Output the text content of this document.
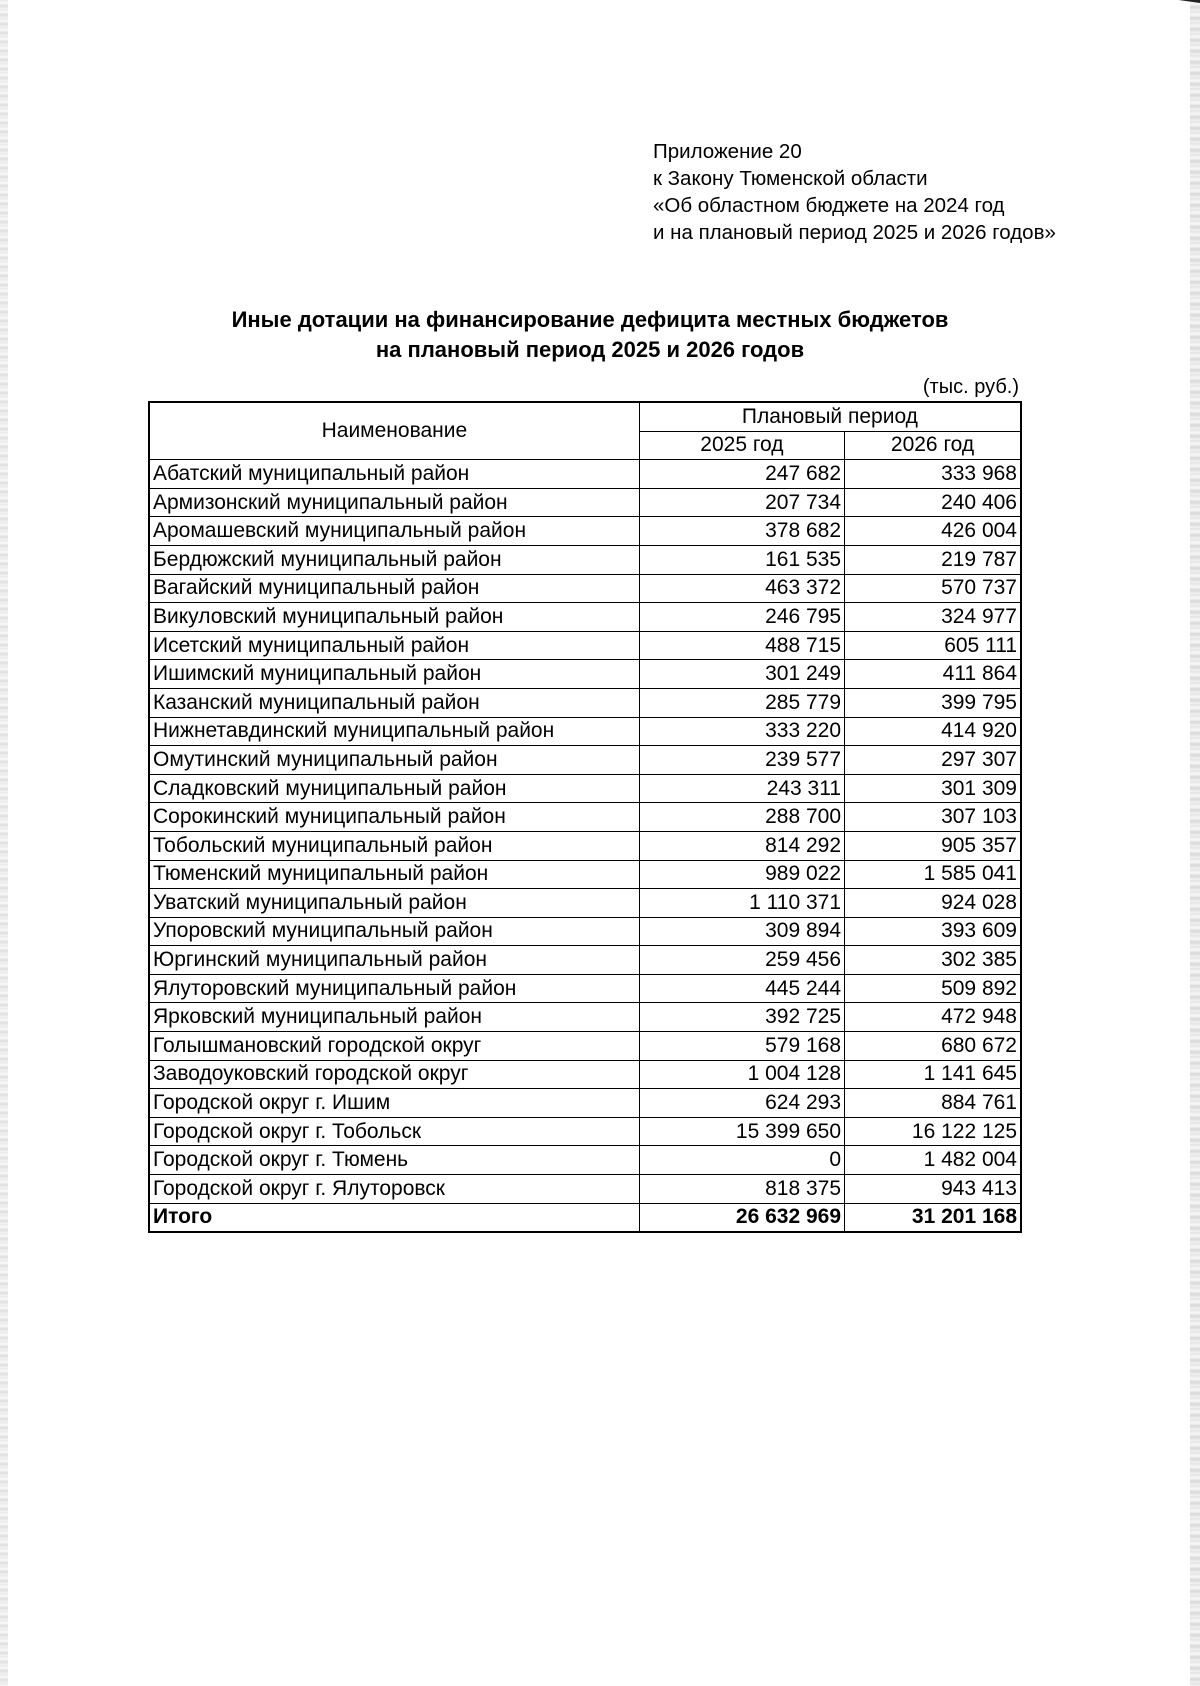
Приложение 20
к Закону Тюменской области
«Об областном бюджете на 2024 год
и на плановый период 2025 и 2026 годов»
Иные дотации на финансирование дефицита местных бюджетов
на плановый период 2025 и 2026 годов
(тыс. руб.)
Наименование	Плановый период	
	2025 год	2026 год
Абатский муниципальный район	247 682	333 968
Армизонский муниципальный район	207 734	240 406
Аромашевский муниципальный район	378 682	426 004
Бердюжский муниципальный район	161 535	219 787
Вагайский муниципальный район	463 372	570 737
Викуловский муниципальный район	246 795	324 977
Исетский муниципальный район	488 715	605 111
Ишимский муниципальный район	301 249	411 864
Казанский муниципальный район	285 779	399 795
Нижнетавдинский муниципальный район	333 220	414 920
Омутинский муниципальный район	239 577	297 307
Сладковский муниципальный район	243 311	301 309
Сорокинский муниципальный район	288 700	307 103
Тобольский муниципальный район	814 292	905 357
Тюменский муниципальный район	989 022	1 585 041
Уватский муниципальный район	1 110 371	924 028
Упоровский муниципальный район	309 894	393 609
Юргинский муниципальный район	259 456	302 385
Ялуторовский муниципальный район	445 244	509 892
Ярковский муниципальный район	392 725	472 948
Голышмановский городской округ	579 168	680 672
Заводоуковский городской округ	1 004 128	1 141 645
Городской округ г. Ишим	624 293	884 761
Городской округ г. Тобольск	15 399 650	16 122 125
Городской округ г. Тюмень	0	1 482 004
Городской округ г. Ялуторовск	818 375	943 413
Итого	26 632 969	31 201 168
